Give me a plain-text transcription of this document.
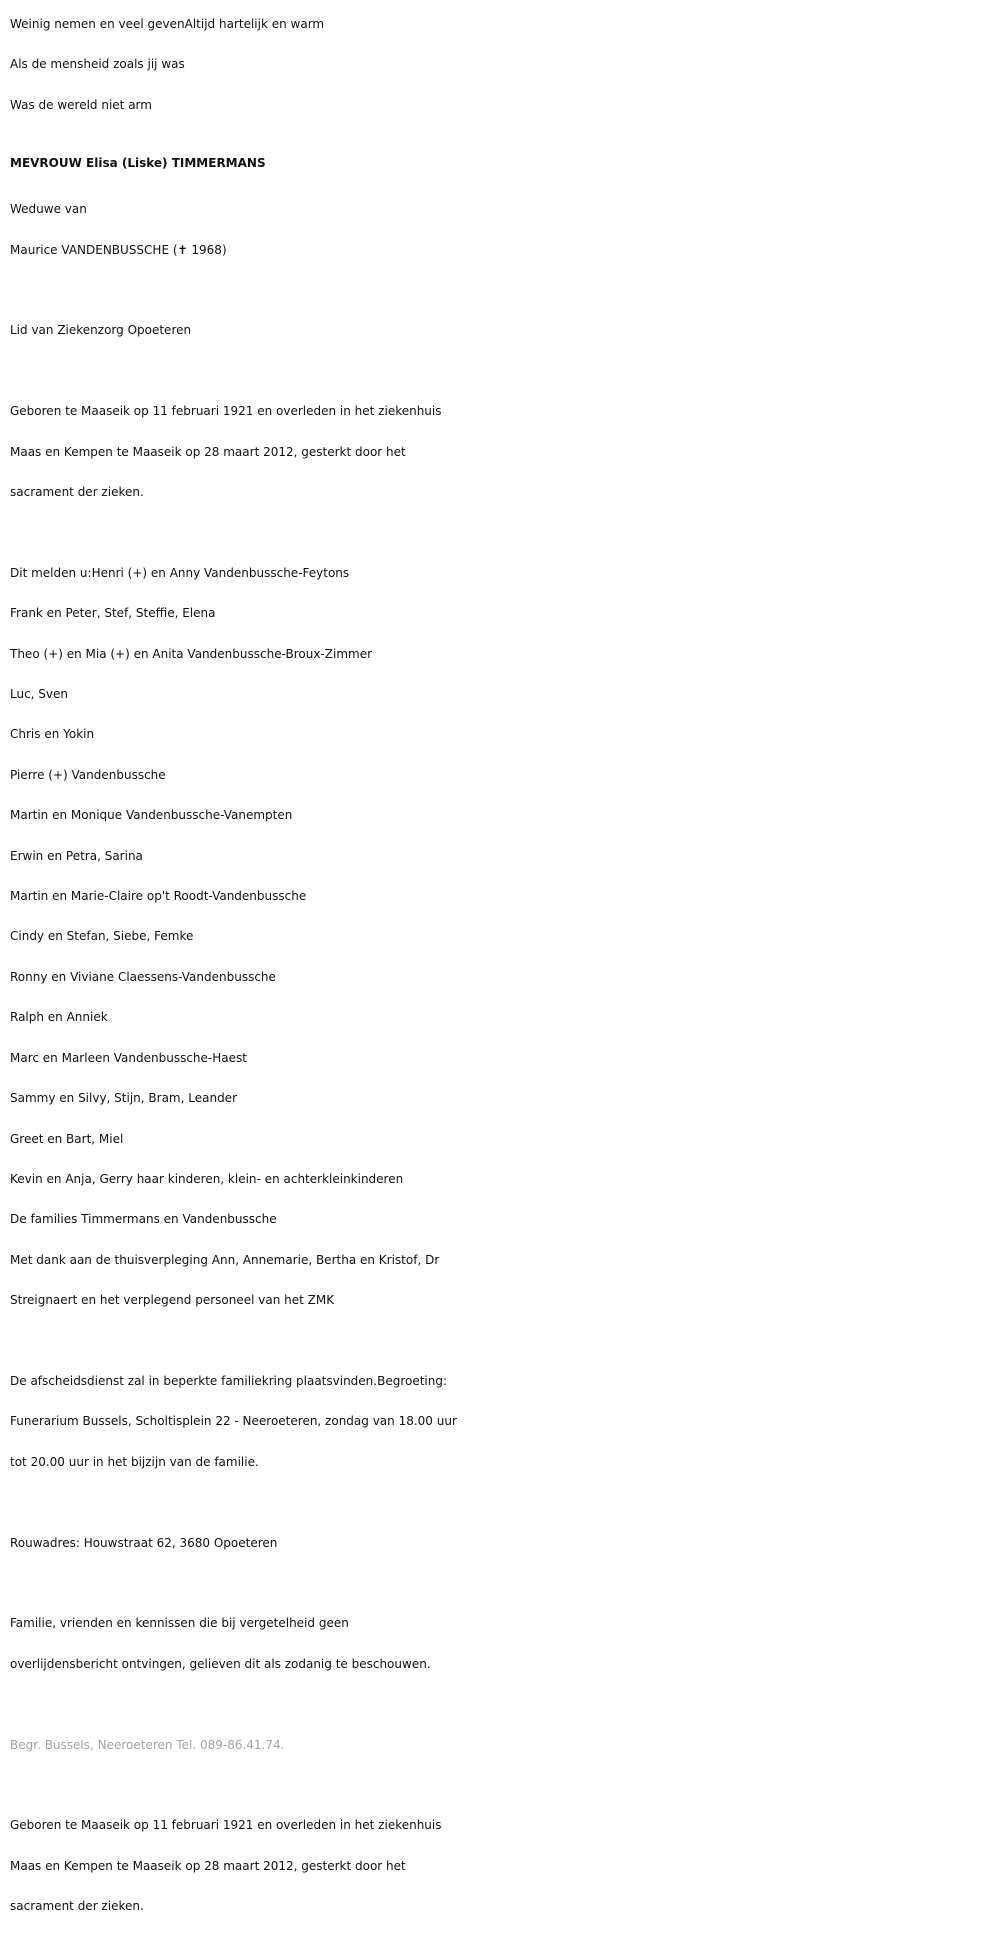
Weinig nemen en veel gevenAltijd hartelijk en warm

Als de mensheid zoals jij was

Was de wereld niet arm

MEVROUW Elisa (Liske) TIMMERMANS

Weduwe van

Maurice VANDENBUSSCHE (✝ 1968)

Lid van Ziekenzorg Opoeteren

Geboren te Maaseik op 11 februari 1921 en overleden in het ziekenhuis

Maas en Kempen te Maaseik op 28 maart 2012, gesterkt door het

sacrament der zieken.

Dit melden u:Henri (+) en Anny Vandenbussche-Feytons

Frank en Peter, Stef, Steffie, Elena

Theo (+) en Mia (+) en Anita Vandenbussche-Broux-Zimmer

Luc, Sven

Chris en Yokin

Pierre (+) Vandenbussche

Martin en Monique Vandenbussche-Vanempten

Erwin en Petra, Sarina

Martin en Marie-Claire op't Roodt-Vandenbussche

Cindy en Stefan, Siebe, Femke

Ronny en Viviane Claessens-Vandenbussche

Ralph en Anniek

Marc en Marleen Vandenbussche-Haest

Sammy en Silvy, Stijn, Bram, Leander

Greet en Bart, Miel

Kevin en Anja, Gerry haar kinderen, klein- en achterkleinkinderen

De families Timmermans en Vandenbussche

Met dank aan de thuisverpleging Ann, Annemarie, Bertha en Kristof, Dr

Streignaert en het verplegend personeel van het ZMK

De afscheidsdienst zal in beperkte familiekring plaatsvinden.Begroeting:

Funerarium Bussels, Scholtisplein 22 - Neeroeteren, zondag van 18.00 uur

tot 20.00 uur in het bijzijn van de familie.

Rouwadres: Houwstraat 62, 3680 Opoeteren

Familie, vrienden en kennissen die bij vergetelheid geen

overlijdensbericht ontvingen, gelieven dit als zodanig te beschouwen.

Begr. Bussels, Neeroeteren Tel. 089-86.41.74.

Geboren te Maaseik op 11 februari 1921 en overleden in het ziekenhuis

Maas en Kempen te Maaseik op 28 maart 2012, gesterkt door het

sacrament der zieken.
